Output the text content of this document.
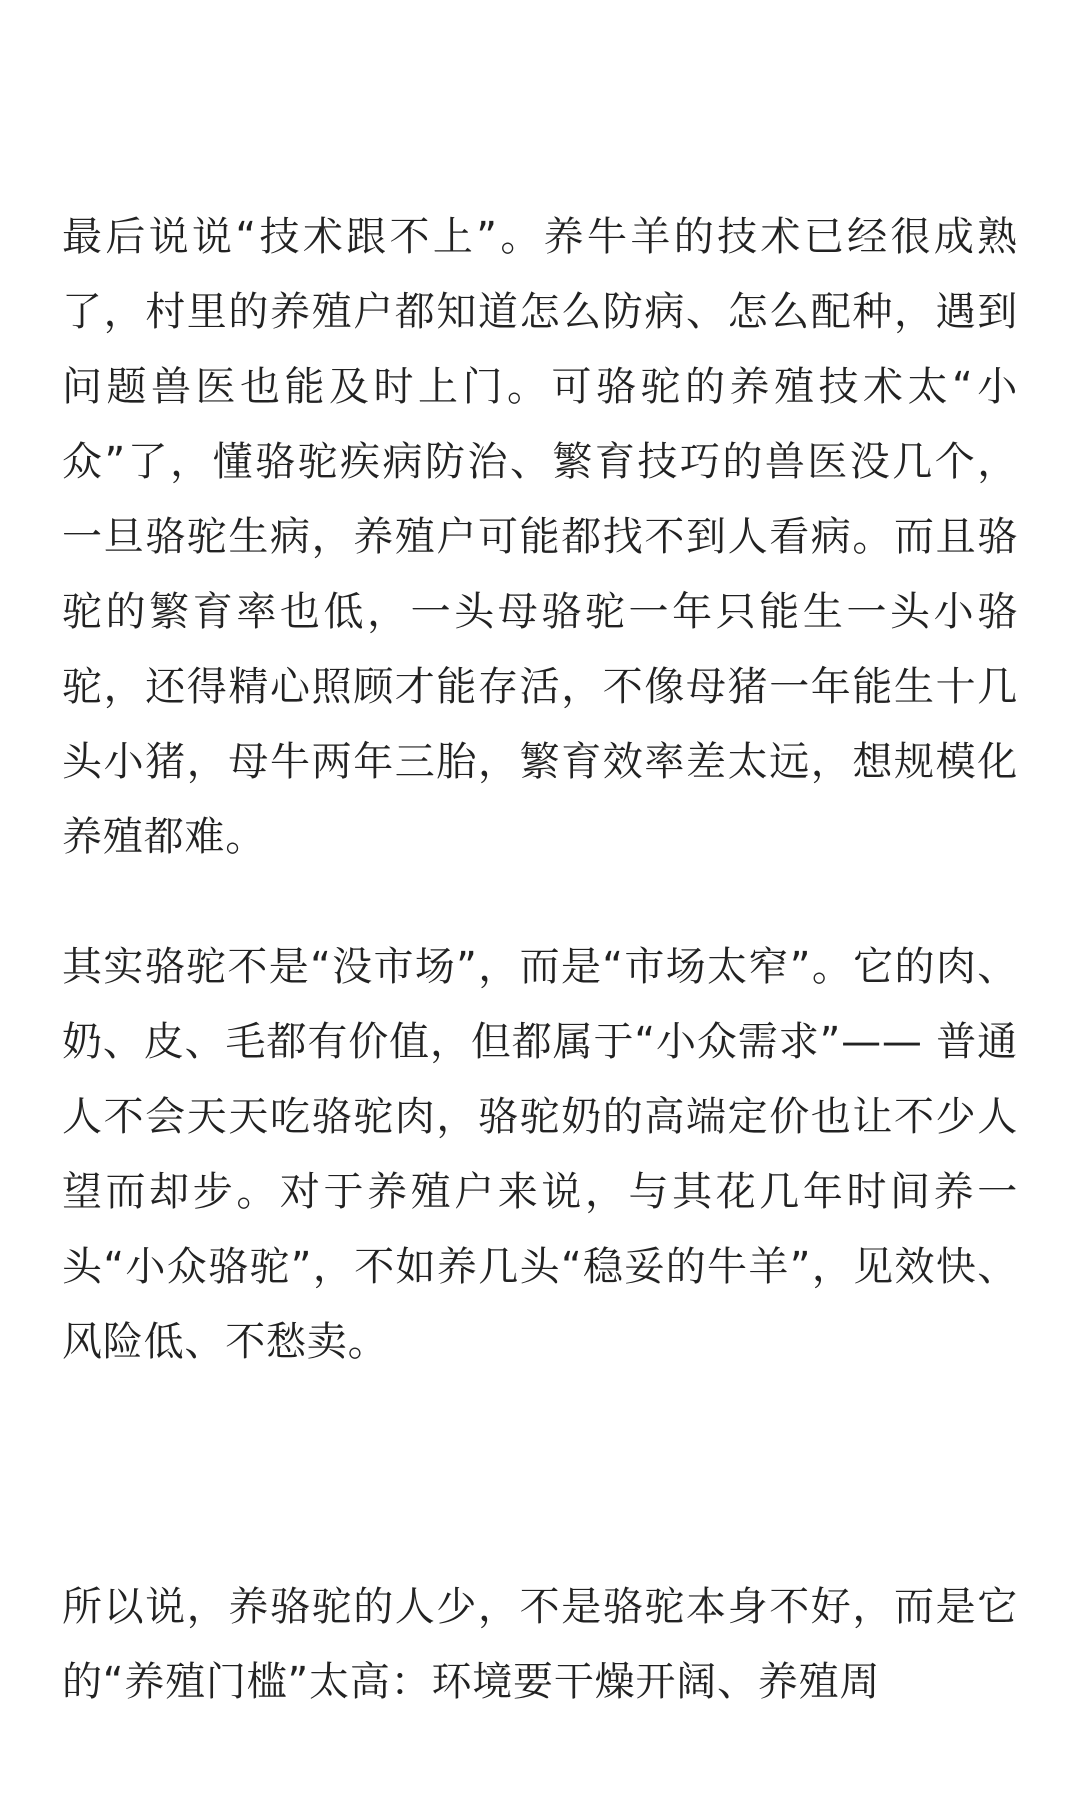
最后说说“技术跟不上”。养牛羊的技术已经很成熟了，村里的养殖户都知道怎么防病、怎么配种，遇到问题兽医也能及时上门。可骆驼的养殖技术太“小众”了，懂骆驼疾病防治、繁育技巧的兽医没几个，一旦骆驼生病，养殖户可能都找不到人看病。而且骆驼的繁育率也低，一头母骆驼一年只能生一头小骆驼，还得精心照顾才能存活，不像母猪一年能生十几头小猪，母牛两年三胎，繁育效率差太远，想规模化养殖都难。

其实骆驼不是“没市场”，而是“市场太窄”。它的肉、奶、皮、毛都有价值，但都属于“小众需求”—— 普通人不会天天吃骆驼肉，骆驼奶的高端定价也让不少人望而却步。对于养殖户来说，与其花几年时间养一头“小众骆驼”，不如养几头“稳妥的牛羊”，见效快、风险低、不愁卖。

所以说，养骆驼的人少，不是骆驼本身不好，而是它的“养殖门槛”太高：环境要干燥开阔、养殖周
